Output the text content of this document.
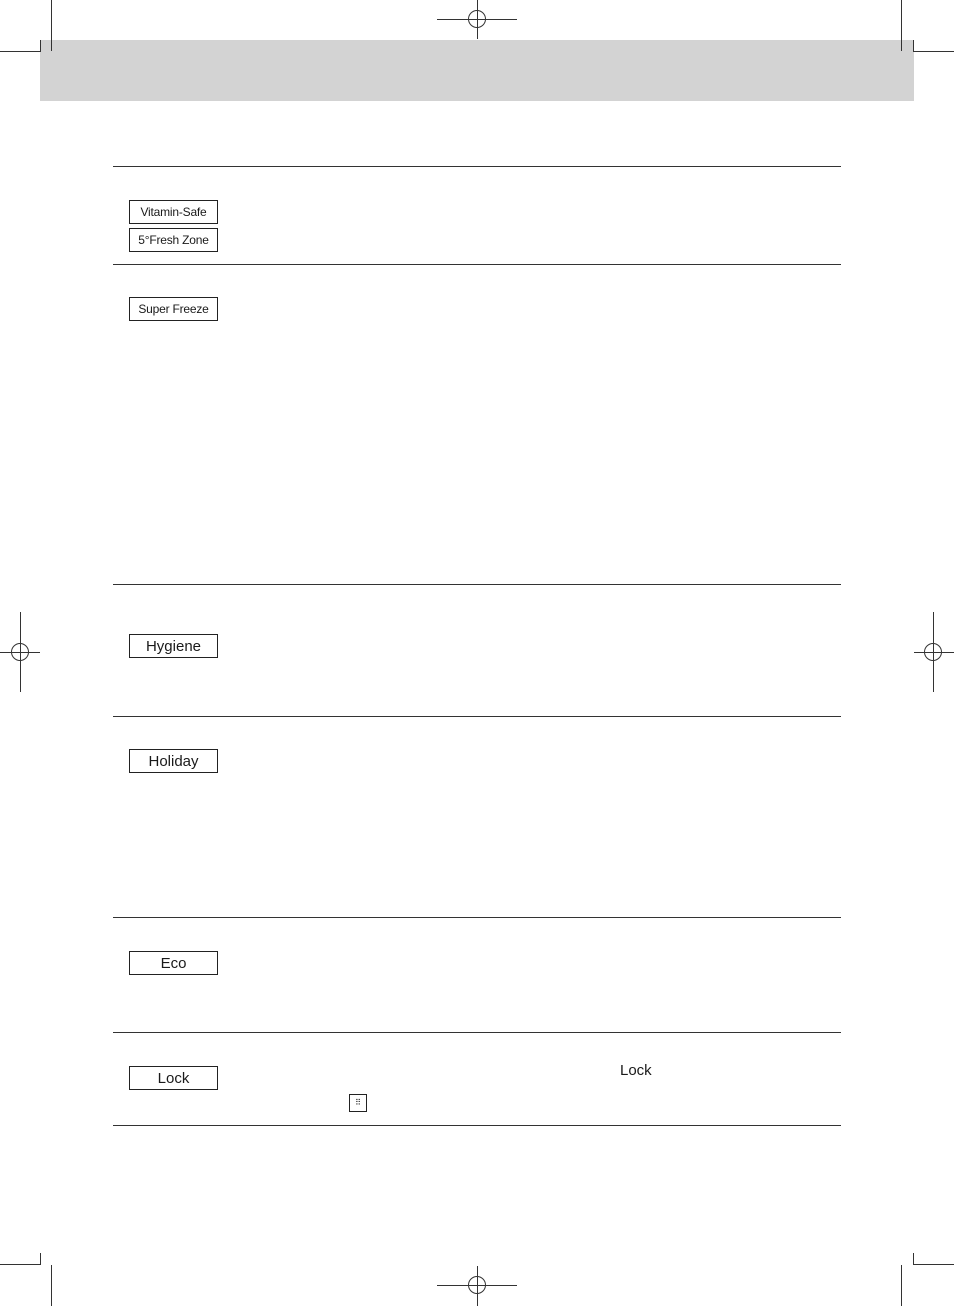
Vitamin-Safe
5°Fresh Zone
Super Freeze
Hygiene
Holiday
Eco
Lock	Lock
⠿
